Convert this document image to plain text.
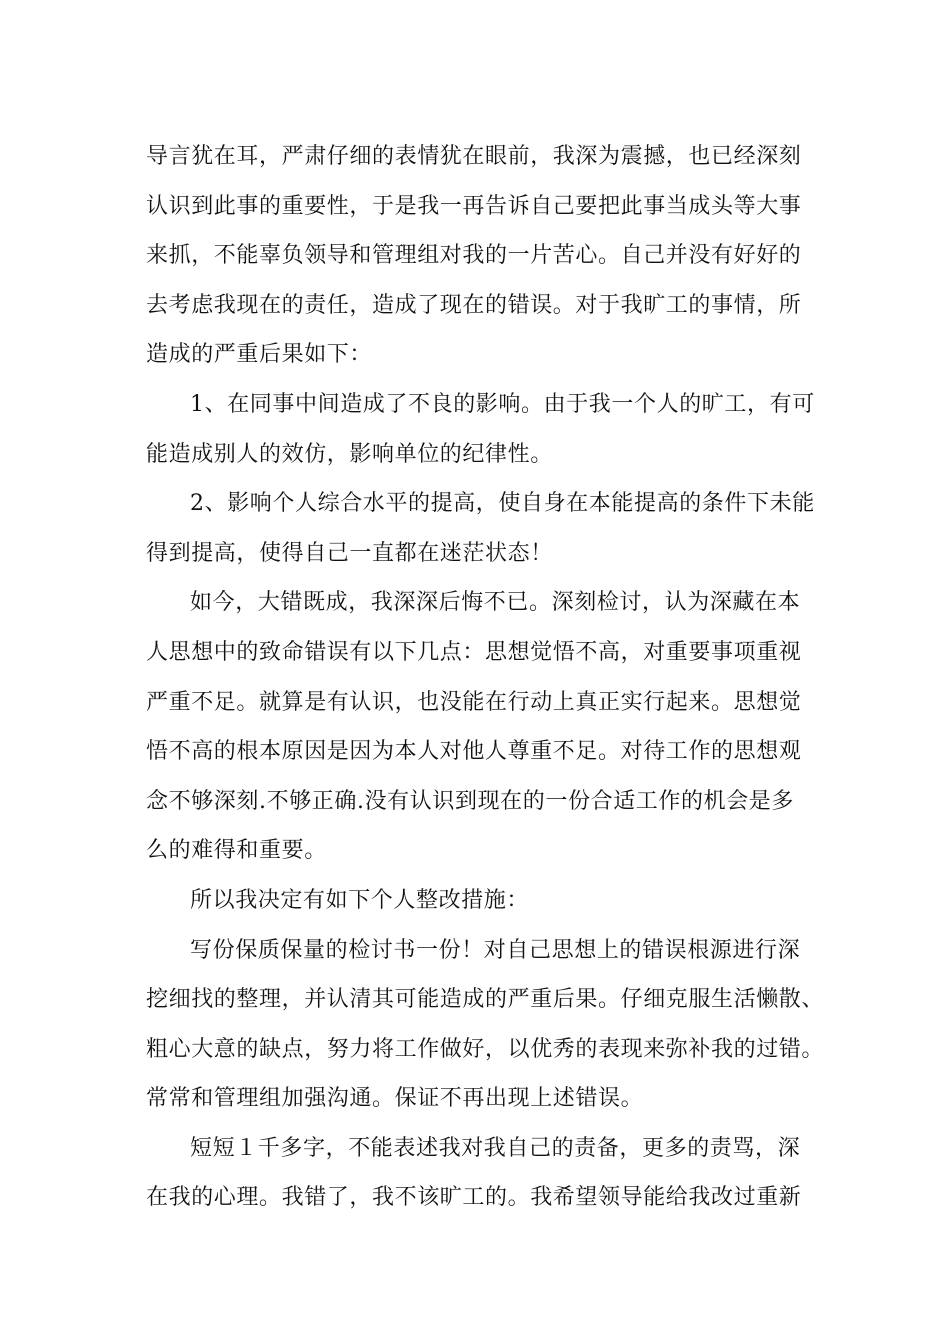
导言犹在耳，严肃仔细的表情犹在眼前，我深为震撼，也已经深刻
认识到此事的重要性，于是我一再告诉自己要把此事当成头等大事
来抓，不能辜负领导和管理组对我的一片苦心。自己并没有好好的
去考虑我现在的责任，造成了现在的错误。对于我旷工的事情，所
造成的严重后果如下：
1、在同事中间造成了不良的影响。由于我一个人的旷工，有可
能造成别人的效仿，影响单位的纪律性。
2、影响个人综合水平的提高，使自身在本能提高的条件下未能
得到提高，使得自己一直都在迷茫状态！
如今，大错既成，我深深后悔不已。深刻检讨，认为深藏在本
人思想中的致命错误有以下几点：思想觉悟不高，对重要事项重视
严重不足。就算是有认识，也没能在行动上真正实行起来。思想觉
悟不高的根本原因是因为本人对他人尊重不足。对待工作的思想观
念不够深刻.不够正确.没有认识到现在的一份合适工作的机会是多
么的难得和重要。
所以我决定有如下个人整改措施：
写份保质保量的检讨书一份！对自己思想上的错误根源进行深
挖细找的整理，并认清其可能造成的严重后果。仔细克服生活懒散、
粗心大意的缺点，努力将工作做好，以优秀的表现来弥补我的过错。
常常和管理组加强沟通。保证不再出现上述错误。
短短１千多字，不能表述我对我自己的责备，更多的责骂，深
在我的心理。我错了，我不该旷工的。我希望领导能给我改过重新
